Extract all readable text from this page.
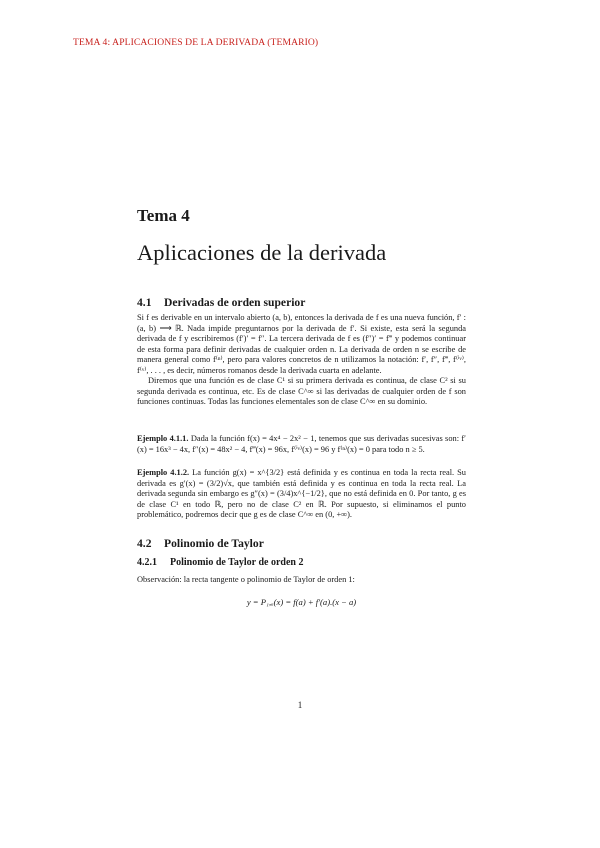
TEMA 4: APLICACIONES DE LA DERIVADA (TEMARIO)
Tema 4
Aplicaciones de la derivada
4.1 Derivadas de orden superior

Si f es derivable en un intervalo abierto (a, b), entonces la derivada de f es una nueva función, f′ : (a, b) ⟶ ℝ. Nada impide preguntarnos por la derivada de f′. Si existe, esta será la segunda derivada de f y escribiremos (f′)′ = f″. La tercera derivada de f es (f″)′ = f‴ y podemos continuar de esta forma para definir derivadas de cualquier orden n. La derivada de orden n se escribe de manera general como f⁽ⁿ⁾, pero para valores concretos de n utilizamos la notación: f′, f″, f‴, f⁽ⁱᵛ⁾, f⁽ᵛ⁾, . . . , es decir, números romanos desde la derivada cuarta en adelante.

Diremos que una función es de clase C¹ si su primera derivada es continua, de clase C² si su segunda derivada es continua, etc. Es de clase C^∞ si las derivadas de cualquier orden de f son funciones continuas. Todas las funciones elementales son de clase C^∞ en su dominio.

Ejemplo 4.1.1. Dada la función f(x) = 4x⁴ − 2x² − 1, tenemos que sus derivadas sucesivas son: f′(x) = 16x³ − 4x, f″(x) = 48x² − 4, f‴(x) = 96x, f⁽ⁱᵛ⁾(x) = 96 y f⁽ⁿ⁾(x) = 0 para todo n ≥ 5.

Ejemplo 4.1.2. La función g(x) = x^{3/2} está definida y es continua en toda la recta real. Su derivada es g′(x) = (3/2)√x, que también está definida y es continua en toda la recta real. La derivada segunda sin embargo es g″(x) = (3/4)x^{−1/2}, que no está definida en 0. Por tanto, g es de clase C¹ en todo ℝ, pero no de clase C² en ℝ. Por supuesto, si eliminamos el punto problemático, podremos decir que g es de clase C^∞ en (0, +∞).

4.2 Polinomio de Taylor
4.2.1 Polinomio de Taylor de orden 2

Observación: la recta tangente o polinomio de Taylor de orden 1:

y = P₁,ₐ(x) = f(a) + f′(a).(x − a)
1
